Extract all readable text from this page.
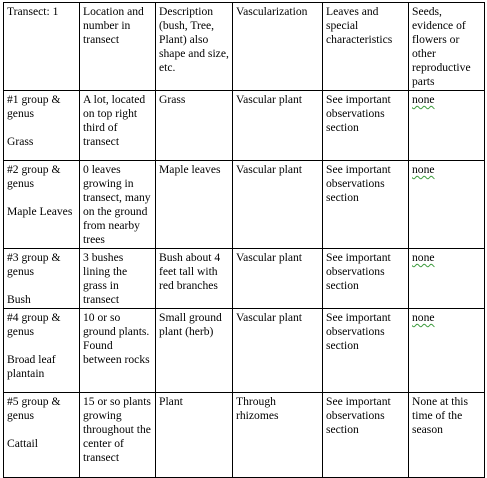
Transect: 1	Location and number in transect	Description (bush, Tree, Plant) also shape and size, etc.	Vascularization	Leaves and special characteristics	Seeds, evidence of flowers or other reproductive parts

#1 group & genus
Grass	A lot, located on top right third of transect	Grass	Vascular plant	See important observations section	none

#2 group & genus
Maple Leaves	0 leaves growing in transect, many on the ground from nearby trees	Maple leaves	Vascular plant	See important observations section	none

#3 group & genus
Bush	3 bushes lining the grass in transect	Bush about 4 feet tall with red branches	Vascular plant	See important observations section	none

#4 group & genus
Broad leaf plantain	10 or so ground plants. Found between rocks	Small ground plant (herb)	Vascular plant	See important observations section	none

#5 group & genus
Cattail	15 or so plants growing throughout the center of transect	Plant	Through rhizomes	See important observations section	None at this time of the season
